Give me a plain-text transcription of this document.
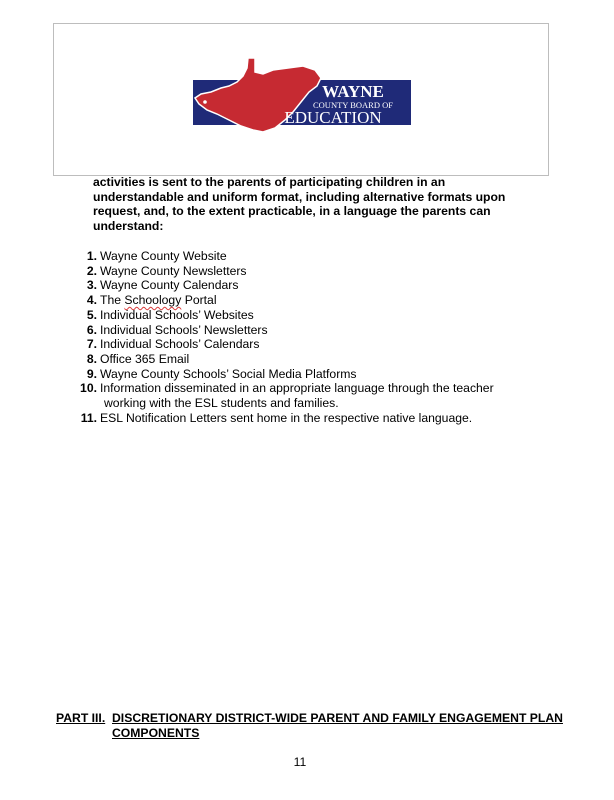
WAYNE
COUNTY BOARD OF
EDUCATION

activities is sent to the parents of participating children in an understandable and uniform format, including alternative formats upon request, and, to the extent practicable, in a language the parents can understand:

1. Wayne County Website
2. Wayne County Newsletters
3. Wayne County Calendars
4. The Schoology Portal
5. Individual Schools’ Websites
6. Individual Schools’ Newsletters
7. Individual Schools’ Calendars
8. Office 365 Email
9. Wayne County Schools’ Social Media Platforms
10. Information disseminated in an appropriate language through the teacher
working with the ESL students and families.
11. ESL Notification Letters sent home in the respective native language.
PART III. DISCRETIONARY DISTRICT-WIDE PARENT AND FAMILY ENGAGEMENT PLAN COMPONENTS
11
